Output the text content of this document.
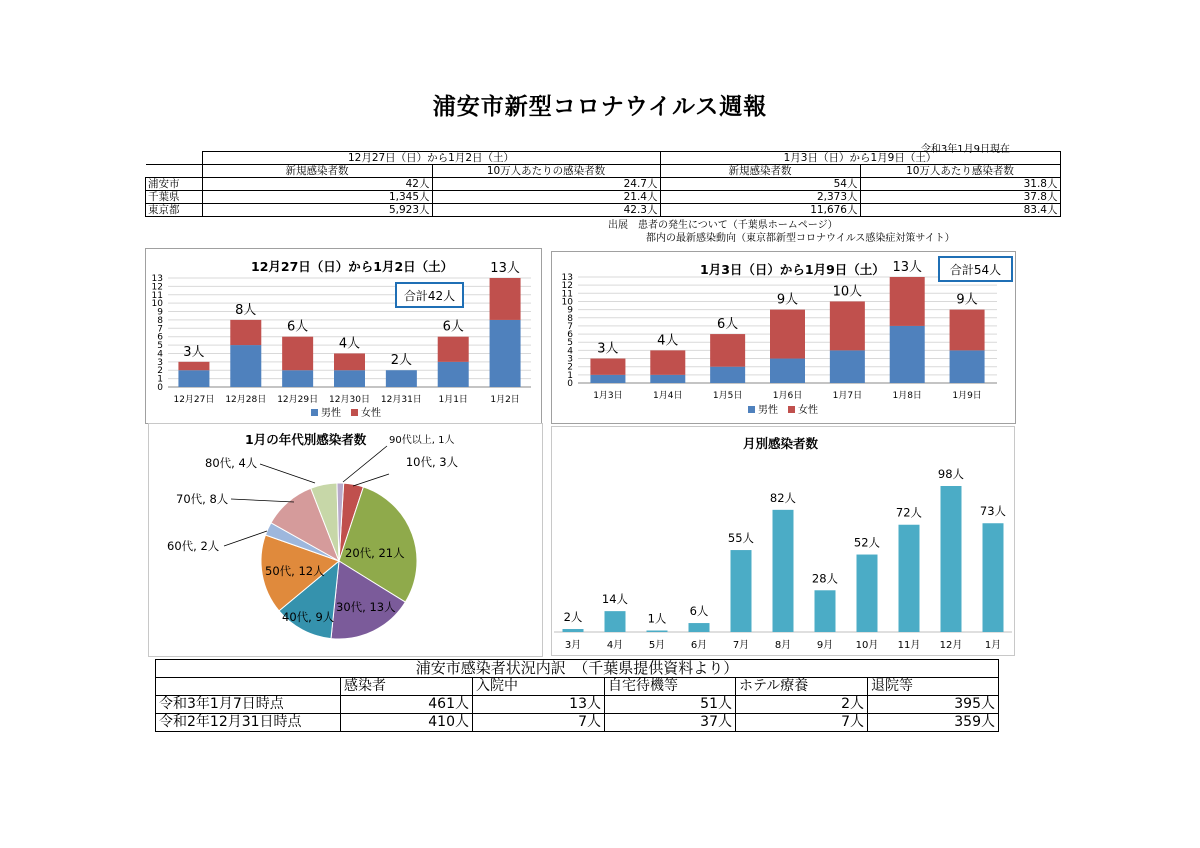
浦安市新型コロナウイルス週報
令和3年1月9日現在
	12月27日（日）から1月2日（土）		1月3日（日）から1月9日（土）	
	新規感染者数	10万人あたりの感染者数	新規感染者数	10万人あたり感染者数
浦安市	42人	24.7人	54人	31.8人
千葉県	1,345人	21.4人	2,373人	37.8人
東京都	5,923人	42.3人	11,676人	83.4人
出展　 患者の発生について（千葉県ホームページ）
都内の最新感染動向（東京都新型コロナウイルス感染症対策サイト）
12月27日（日）から1月2日（土）
0
1
2
3
4
5
6
7
8
9
10
11
12
13
3人
12月27日
8人
12月28日
6人
12月29日
4人
12月30日
2人
12月31日
6人
1月1日
13人
1月2日
男性 女性
合計42人
1月3日（日）から1月9日（土）
0
1
2
3
4
5
6
7
8
9
10
11
12
13
3人
1月3日
4人
1月4日
6人
1月5日
9人
1月6日
10人
1月7日
13人
1月8日
9人
1月9日
男性 女性
合計54人
1月の年代別感染者数
10代, 3人
20代, 21人
30代, 13人
40代, 9人
50代, 12人
60代, 2人
70代, 8人
80代, 4人
90代以上, 1人	月別感染者数
2人
3月
14人
4月
1人
5月
6人
6月
55人
7月
82人
8月
28人
9月
52人
10月
72人
11月
98人
12月
73人
1月
浦安市感染者状況内訳　（千葉県提供資料より）					
	感染者	入院中	自宅待機等	ホテル療養	退院等
令和3年1月7日時点	461人	13人	51人	2人	395人
令和2年12月31日時点	410人	7人	37人	7人	359人
